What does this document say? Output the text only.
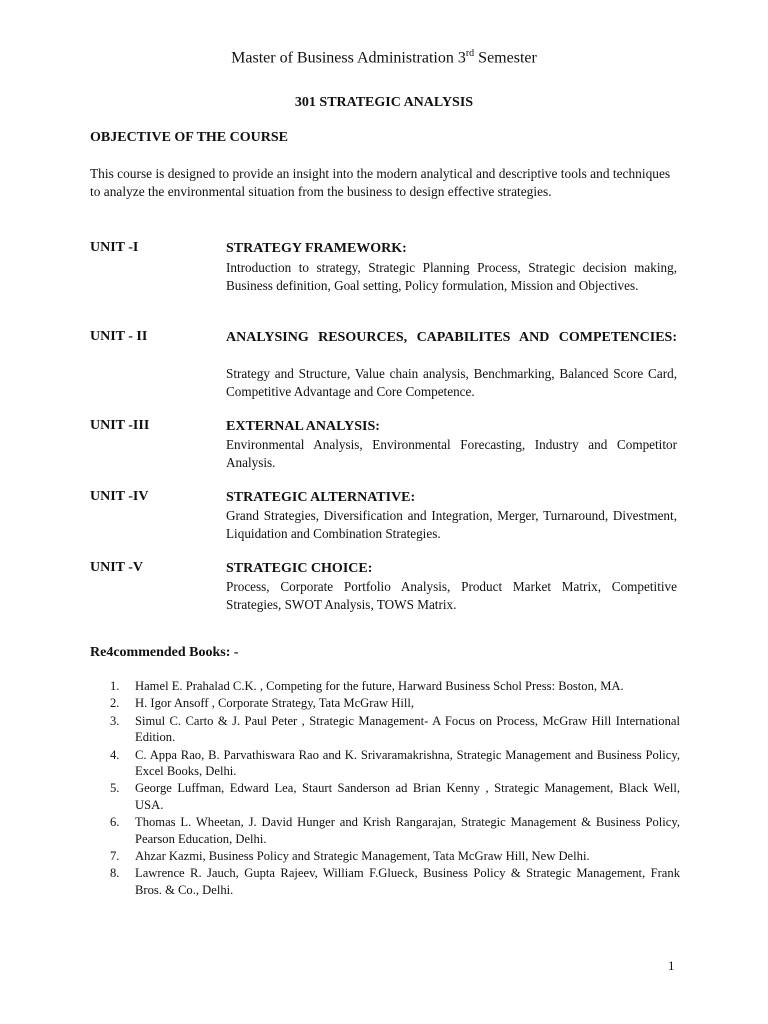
Master of Business Administration 3rd Semester
301 STRATEGIC ANALYSIS
OBJECTIVE OF THE COURSE
This course is designed to provide an insight into the modern analytical and descriptive tools and techniques to analyze the environmental situation from the business to design effective strategies.
UNIT -I	STRATEGY FRAMEWORK:
Introduction to strategy, Strategic Planning Process, Strategic decision making, Business definition, Goal setting, Policy formulation, Mission and Objectives.
UNIT - II	ANALYSING RESOURCES, CAPABILITES AND COMPETENCIES:
Strategy and Structure, Value chain analysis, Benchmarking, Balanced Score Card, Competitive Advantage and Core Competence.
UNIT -III	EXTERNAL ANALYSIS:
Environmental Analysis, Environmental Forecasting, Industry and Competitor Analysis.
UNIT -IV	STRATEGIC ALTERNATIVE:
Grand Strategies, Diversification and Integration, Merger, Turnaround, Divestment, Liquidation and Combination Strategies.
UNIT -V	STRATEGIC CHOICE:
Process, Corporate Portfolio Analysis, Product Market Matrix, Competitive Strategies, SWOT Analysis, TOWS Matrix.
Re4commended Books: -
1. Hamel E. Prahalad C.K. , Competing for the future, Harward Business Schol Press: Boston, MA.
2. H. Igor Ansoff , Corporate Strategy, Tata McGraw Hill,
3. Simul C. Carto & J. Paul Peter , Strategic Management- A Focus on Process, McGraw Hill International Edition.
4. C. Appa Rao, B. Parvathiswara Rao and K. Srivaramakrishna, Strategic Management and Business Policy, Excel Books, Delhi.
5. George Luffman, Edward Lea, Staurt Sanderson ad Brian Kenny , Strategic Management, Black Well, USA.
6. Thomas L. Wheetan, J. David Hunger and Krish Rangarajan, Strategic Management & Business Policy, Pearson Education, Delhi.
7. Ahzar Kazmi, Business Policy and Strategic Management, Tata McGraw Hill, New Delhi.
8. Lawrence R. Jauch, Gupta Rajeev, William F.Glueck, Business Policy & Strategic Management, Frank Bros. & Co., Delhi.
1
